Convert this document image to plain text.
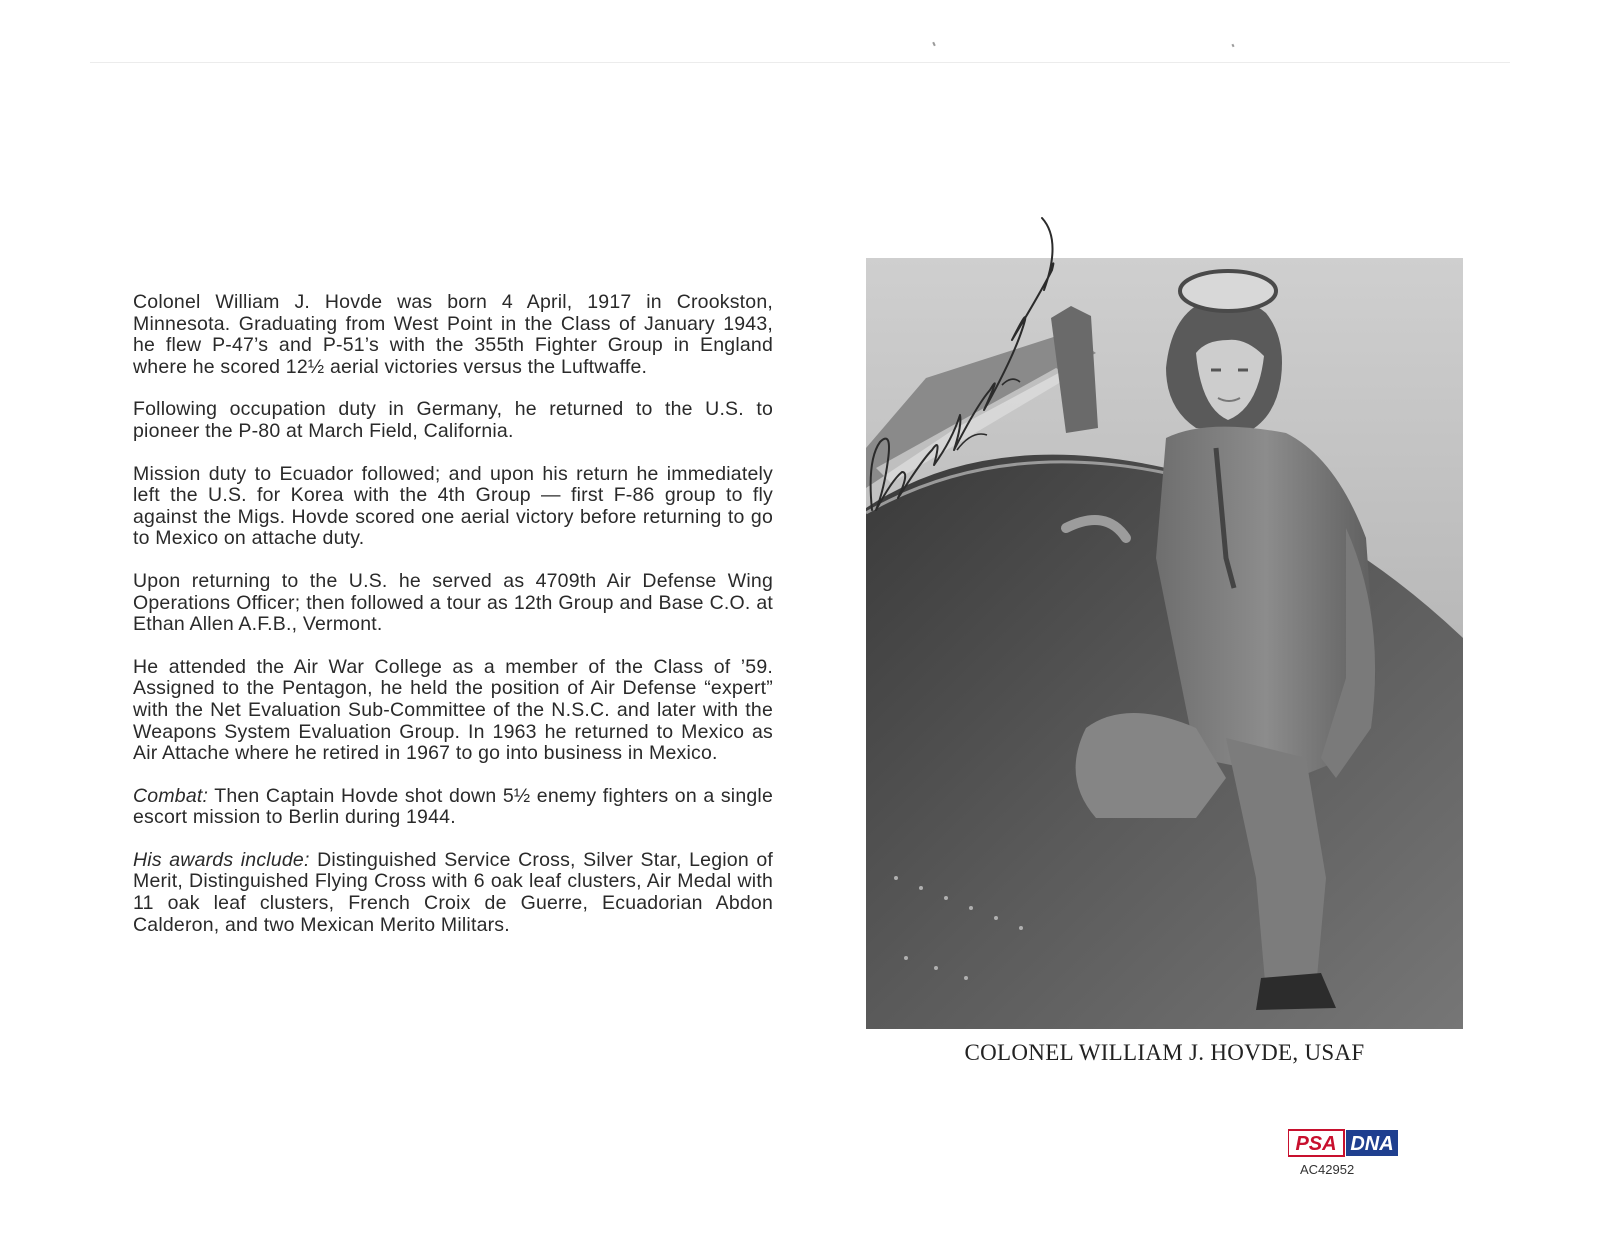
Colonel William J. Hovde was born 4 April, 1917 in Crookston, Minnesota. Graduating from West Point in the Class of January 1943, he flew P-47’s and P-51’s with the 355th Fighter Group in England where he scored 12½ aerial victories versus the Luftwaffe.

Following occupation duty in Germany, he returned to the U.S. to pioneer the P-80 at March Field, California.

Mission duty to Ecuador followed; and upon his return he immediately left the U.S. for Korea with the 4th Group — first F-86 group to fly against the Migs. Hovde scored one aerial victory before returning to go to Mexico on attache duty.

Upon returning to the U.S. he served as 4709th Air Defense Wing Operations Officer; then followed a tour as 12th Group and Base C.O. at Ethan Allen A.F.B., Vermont.

He attended the Air War College as a member of the Class of ’59. Assigned to the Pentagon, he held the position of Air Defense “expert” with the Net Evaluation Sub-Committee of the N.S.C. and later with the Weapons System Evaluation Group. In 1963 he returned to Mexico as Air Attache where he retired in 1967 to go into business in Mexico.

Combat: Then Captain Hovde shot down 5½ enemy fighters on a single escort mission to Berlin during 1944.

His awards include: Distinguished Service Cross, Silver Star, Legion of Merit, Distinguished Flying Cross with 6 oak leaf clusters, Air Medal with 11 oak leaf clusters, French Croix de Guerre, Ecuadorian Abdon Calderon, and two Mexican Merito Militars.

COLONEL WILLIAM J. HOVDE, USAF
PSA DNA
AC42952
